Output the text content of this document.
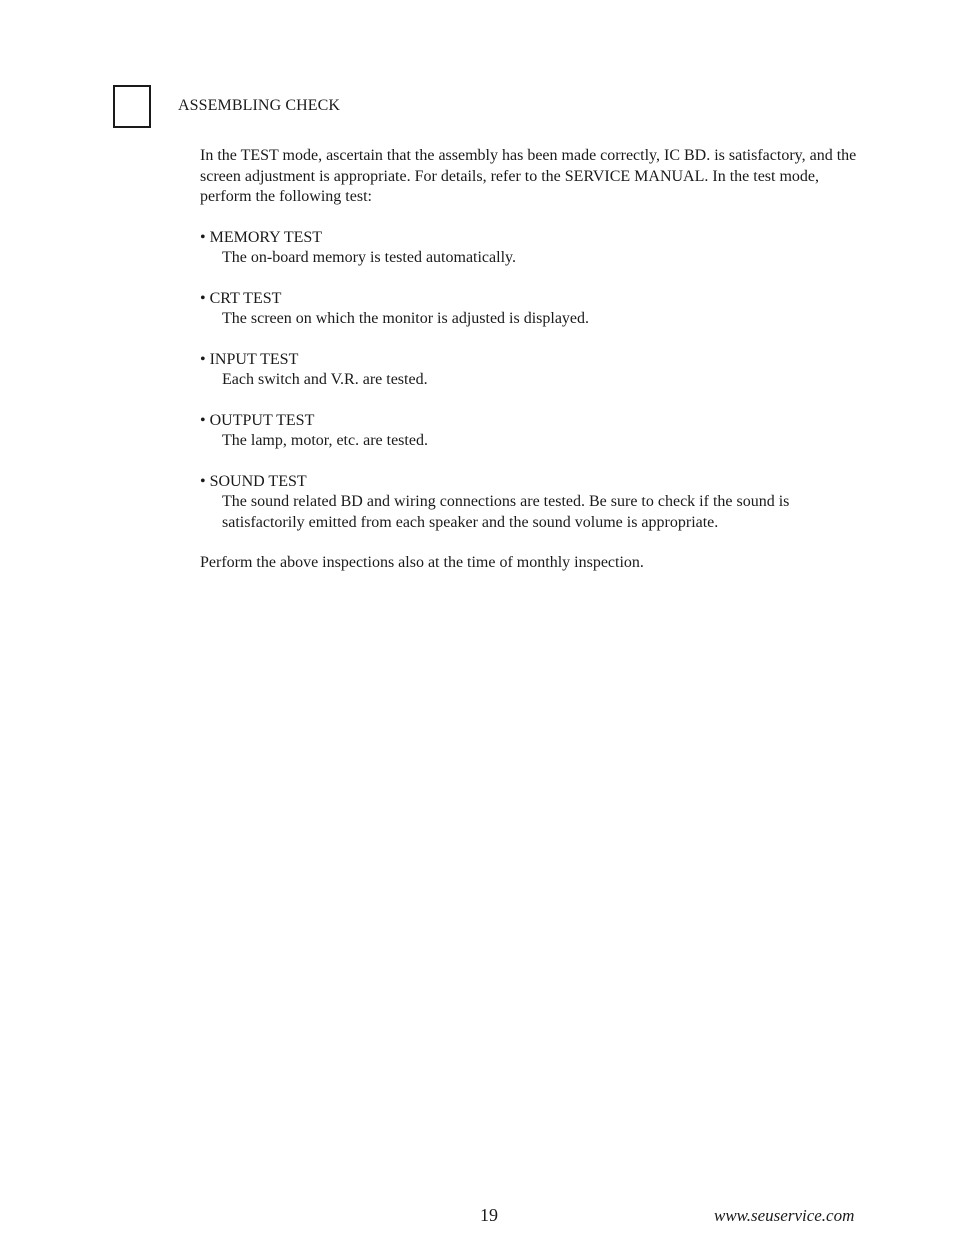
ASSEMBLING CHECK

In the TEST mode, ascertain that the assembly has been made correctly, IC BD. is satisfactory, and the screen adjustment is appropriate. For details, refer to the SERVICE MANUAL. In the test mode, perform the following test:

• MEMORY TEST
The on-board memory is tested automatically.
• CRT TEST
The screen on which the monitor is adjusted is displayed.
• INPUT TEST
Each switch and V.R. are tested.
• OUTPUT TEST
The lamp, motor, etc. are tested.
• SOUND TEST
The sound related BD and wiring connections are tested. Be sure to check if the sound is satisfactorily emitted from each speaker and the sound volume is appropriate.

Perform the above inspections also at the time of monthly inspection.

19	www.seuservice.com
